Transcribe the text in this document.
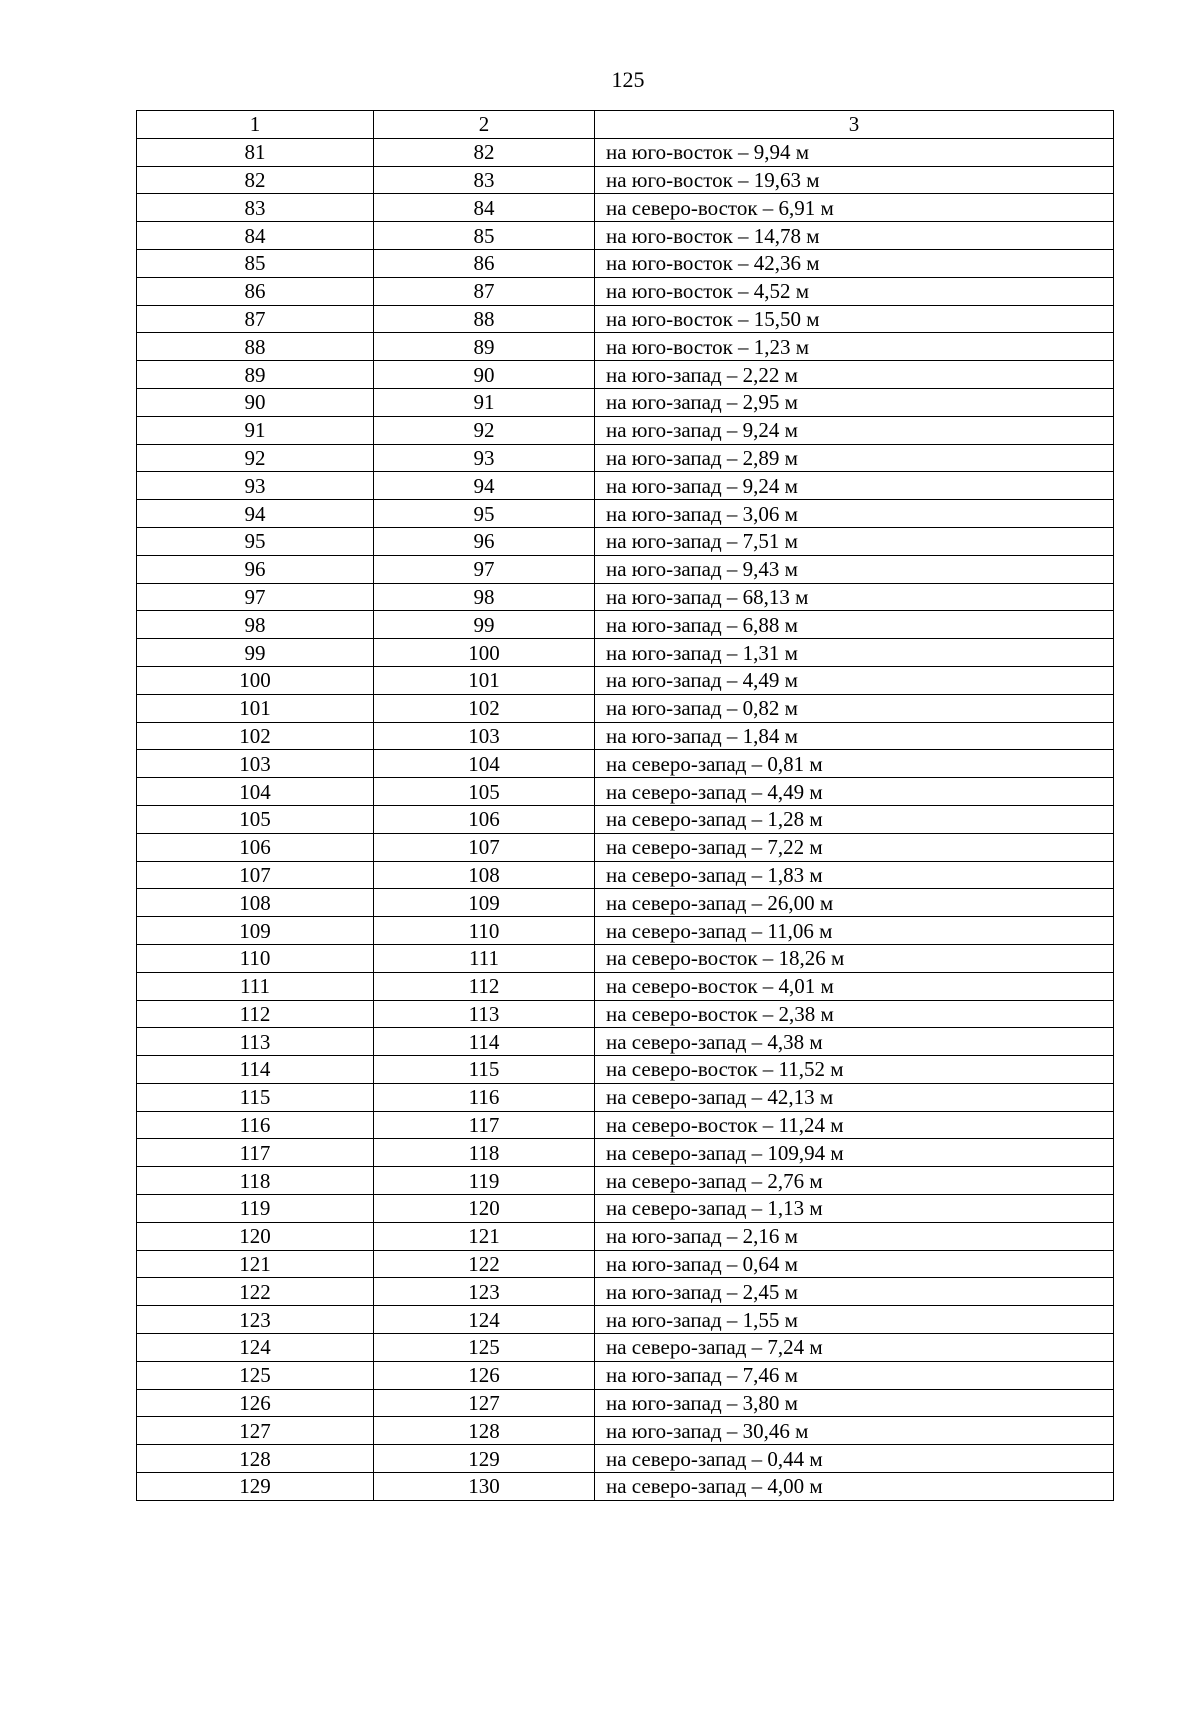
125
1	2	3
81	82	на юго-восток – 9,94 м
82	83	на юго-восток – 19,63 м
83	84	на северо-восток – 6,91 м
84	85	на юго-восток – 14,78 м
85	86	на юго-восток – 42,36 м
86	87	на юго-восток – 4,52 м
87	88	на юго-восток – 15,50 м
88	89	на юго-восток – 1,23 м
89	90	на юго-запад – 2,22 м
90	91	на юго-запад – 2,95 м
91	92	на юго-запад – 9,24 м
92	93	на юго-запад – 2,89 м
93	94	на юго-запад – 9,24 м
94	95	на юго-запад – 3,06 м
95	96	на юго-запад – 7,51 м
96	97	на юго-запад – 9,43 м
97	98	на юго-запад – 68,13 м
98	99	на юго-запад – 6,88 м
99	100	на юго-запад – 1,31 м
100	101	на юго-запад – 4,49 м
101	102	на юго-запад – 0,82 м
102	103	на юго-запад – 1,84 м
103	104	на северо-запад – 0,81 м
104	105	на северо-запад – 4,49 м
105	106	на северо-запад – 1,28 м
106	107	на северо-запад – 7,22 м
107	108	на северо-запад – 1,83 м
108	109	на северо-запад – 26,00 м
109	110	на северо-запад – 11,06 м
110	111	на северо-восток – 18,26 м
111	112	на северо-восток – 4,01 м
112	113	на северо-восток – 2,38 м
113	114	на северо-запад – 4,38 м
114	115	на северо-восток – 11,52 м
115	116	на северо-запад – 42,13 м
116	117	на северо-восток – 11,24 м
117	118	на северо-запад – 109,94 м
118	119	на северо-запад – 2,76 м
119	120	на северо-запад – 1,13 м
120	121	на юго-запад – 2,16 м
121	122	на юго-запад – 0,64 м
122	123	на юго-запад – 2,45 м
123	124	на юго-запад – 1,55 м
124	125	на северо-запад – 7,24 м
125	126	на юго-запад – 7,46 м
126	127	на юго-запад – 3,80 м
127	128	на юго-запад – 30,46 м
128	129	на северо-запад – 0,44 м
129	130	на северо-запад – 4,00 м
